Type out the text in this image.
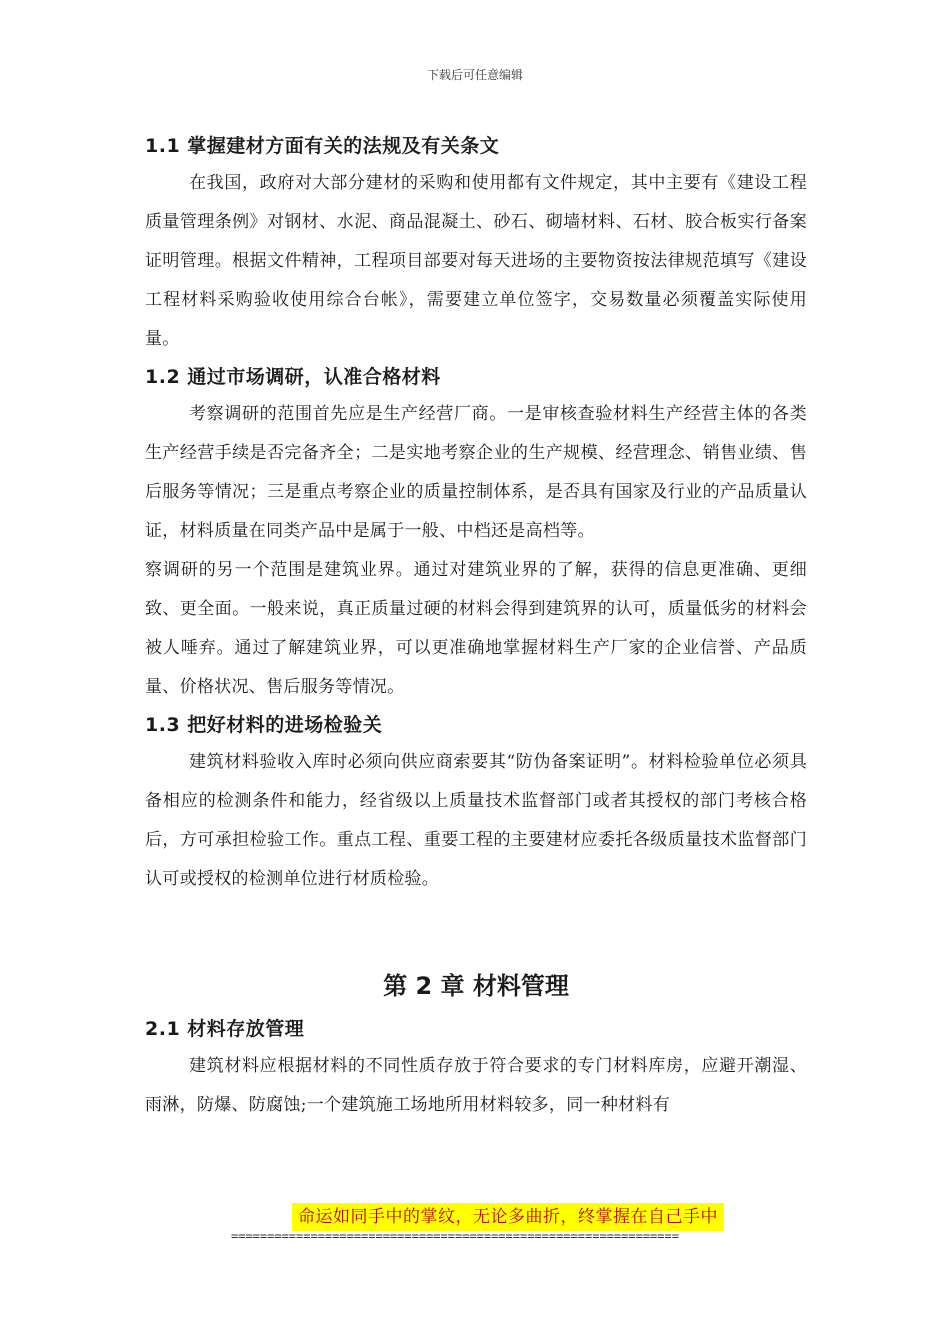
下载后可任意编辑
1.1 掌握建材方面有关的法规及有关条文

在我国，政府对大部分建材的采购和使用都有文件规定，其中主要有《建设工程质量管理条例》对钢材、水泥、商品混凝土、砂石、砌墙材料、石材、胶合板实行备案证明管理。根据文件精神，工程项目部要对每天进场的主要物资按法律规范填写《建设工程材料采购验收使用综合台帐》，需要建立单位签字，交易数量必须覆盖实际使用量。

1.2 通过市场调研，认准合格材料

考察调研的范围首先应是生产经营厂商。一是审核查验材料生产经营主体的各类生产经营手续是否完备齐全；二是实地考察企业的生产规模、经营理念、销售业绩、售后服务等情况；三是重点考察企业的质量控制体系，是否具有国家及行业的产品质量认证，材料质量在同类产品中是属于一般、中档还是高档等。

察调研的另一个范围是建筑业界。通过对建筑业界的了解，获得的信息更准确、更细致、更全面。一般来说，真正质量过硬的材料会得到建筑界的认可，质量低劣的材料会被人唾弃。通过了解建筑业界，可以更准确地掌握材料生产厂家的企业信誉、产品质量、价格状况、售后服务等情况。

1.3 把好材料的进场检验关

建筑材料验收入库时必须向供应商索要其“防伪备案证明”。材料检验单位必须具备相应的检测条件和能力，经省级以上质量技术监督部门或者其授权的部门考核合格后，方可承担检验工作。重点工程、重要工程的主要建材应委托各级质量技术监督部门认可或授权的检测单位进行材质检验。

第 2 章 材料管理
2.1 材料存放管理

建筑材料应根据材料的不同性质存放于符合要求的专门材料库房，应避开潮湿、雨淋，防爆、防腐蚀;一个建筑施工场地所用材料较多，同一种材料有

命运如同手中的掌纹，无论多曲折，终掌握在自己手中
==============================================================
